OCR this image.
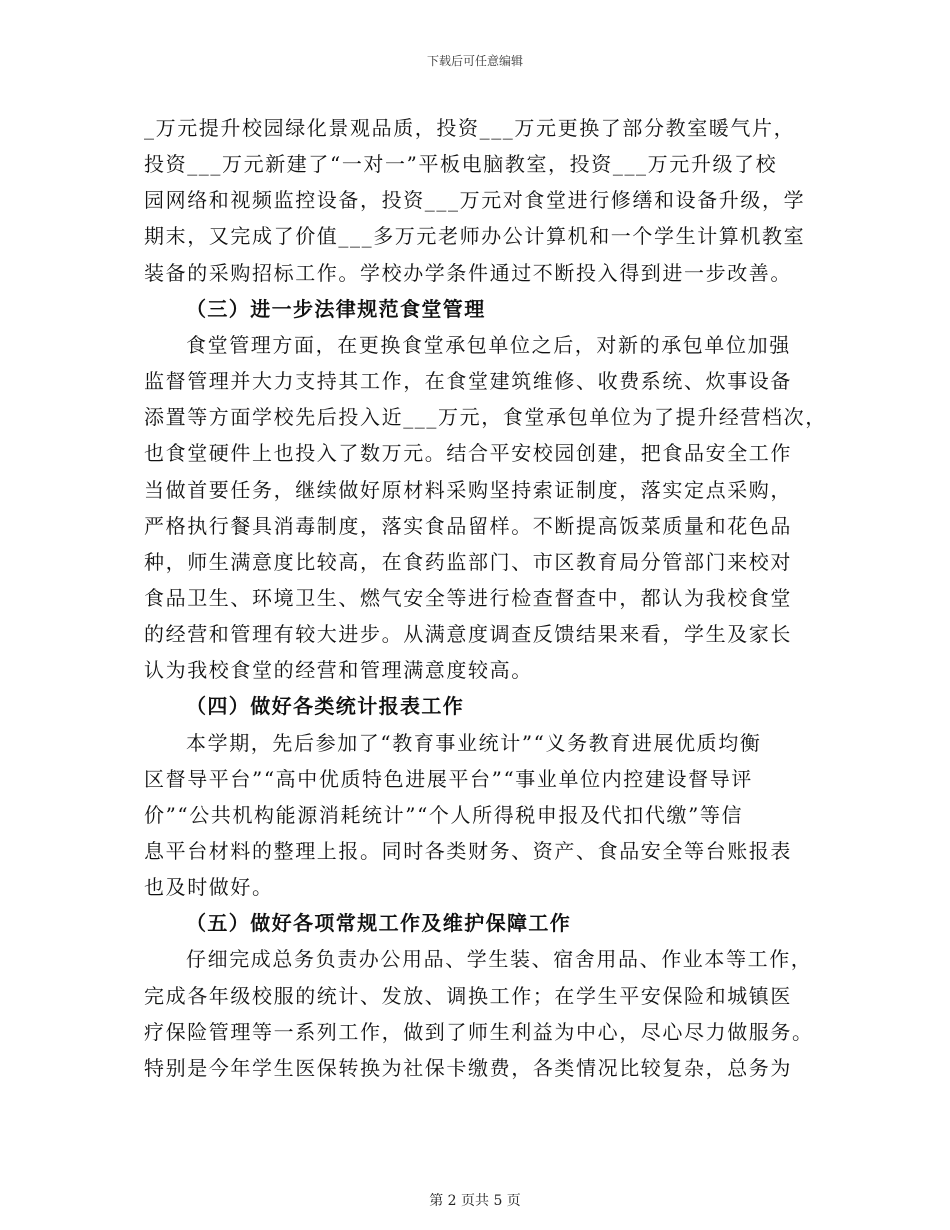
下载后可任意编辑
_万元提升校园绿化景观品质，投资___万元更换了部分教室暖气片，
投资___万元新建了“一对一”平板电脑教室，投资___万元升级了校
园网络和视频监控设备，投资___万元对食堂进行修缮和设备升级，学
期末，又完成了价值___多万元老师办公计算机和一个学生计算机教室
装备的采购招标工作。学校办学条件通过不断投入得到进一步改善。
（三）进一步法律规范食堂管理
食堂管理方面，在更换食堂承包单位之后，对新的承包单位加强
监督管理并大力支持其工作，在食堂建筑维修、收费系统、炊事设备
添置等方面学校先后投入近___万元，食堂承包单位为了提升经营档次，
也食堂硬件上也投入了数万元。结合平安校园创建，把食品安全工作
当做首要任务，继续做好原材料采购坚持索证制度，落实定点采购，
严格执行餐具消毒制度，落实食品留样。不断提高饭菜质量和花色品
种，师生满意度比较高，在食药监部门、市区教育局分管部门来校对
食品卫生、环境卫生、燃气安全等进行检查督查中，都认为我校食堂
的经营和管理有较大进步。从满意度调查反馈结果来看，学生及家长
认为我校食堂的经营和管理满意度较高。
（四）做好各类统计报表工作
本学期，先后参加了“教育事业统计”“义务教育进展优质均衡
区督导平台”“高中优质特色进展平台”“事业单位内控建设督导评
价”“公共机构能源消耗统计”“个人所得税申报及代扣代缴”等信
息平台材料的整理上报。同时各类财务、资产、食品安全等台账报表
也及时做好。
（五）做好各项常规工作及维护保障工作
仔细完成总务负责办公用品、学生装、宿舍用品、作业本等工作，
完成各年级校服的统计、发放、调换工作；在学生平安保险和城镇医
疗保险管理等一系列工作，做到了师生利益为中心，尽心尽力做服务。
特别是今年学生医保转换为社保卡缴费，各类情况比较复杂，总务为
第 2 页共 5 页
